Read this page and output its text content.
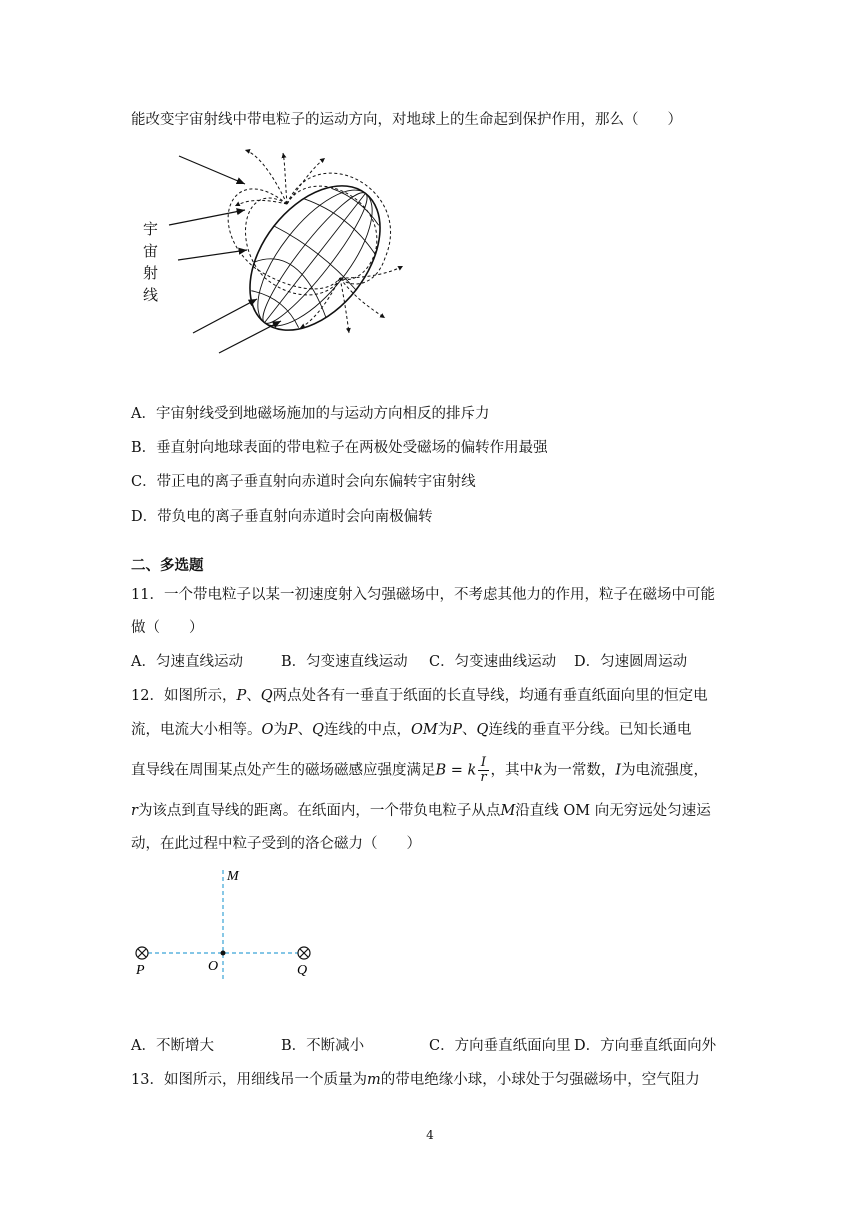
能改变宇宙射线中带电粒子的运动方向，对地球上的生命起到保护作用，那么（　　）
宇
宙
射
线
A．宇宙射线受到地磁场施加的与运动方向相反的排斥力
B．垂直射向地球表面的带电粒子在两极处受磁场的偏转作用最强
C．带正电的离子垂直射向赤道时会向东偏转宇宙射线
D．带负电的离子垂直射向赤道时会向南极偏转
二、多选题
11．一个带电粒子以某一初速度射入匀强磁场中，不考虑其他力的作用，粒子在磁场中可能
做（　　）
A．匀速直线运动	B．匀变速直线运动 C．匀变速曲线运动 D．匀速圆周运动
12．如图所示，P、Q两点处各有一垂直于纸面的长直导线，均通有垂直纸面向里的恒定电
流，电流大小相等。O为P、Q连线的中点，OM为P、Q连线的垂直平分线。已知长通电
直导线在周围某点处产生的磁场磁感应强度满足B = k $\frac{I}{r}$ ，其中k为一常数，I为电流强度，
r为该点到直导线的距离。在纸面内，一个带负电粒子从点M沿直线 OM 向无穷远处匀速运
动，在此过程中粒子受到的洛仑磁力（　　）
M
P	O	Q
A．不断增大	B．不断减小	C．方向垂直纸面向里 D．方向垂直纸面向外
13．如图所示，用细线吊一个质量为m的带电绝缘小球，小球处于匀强磁场中，空气阻力
4
